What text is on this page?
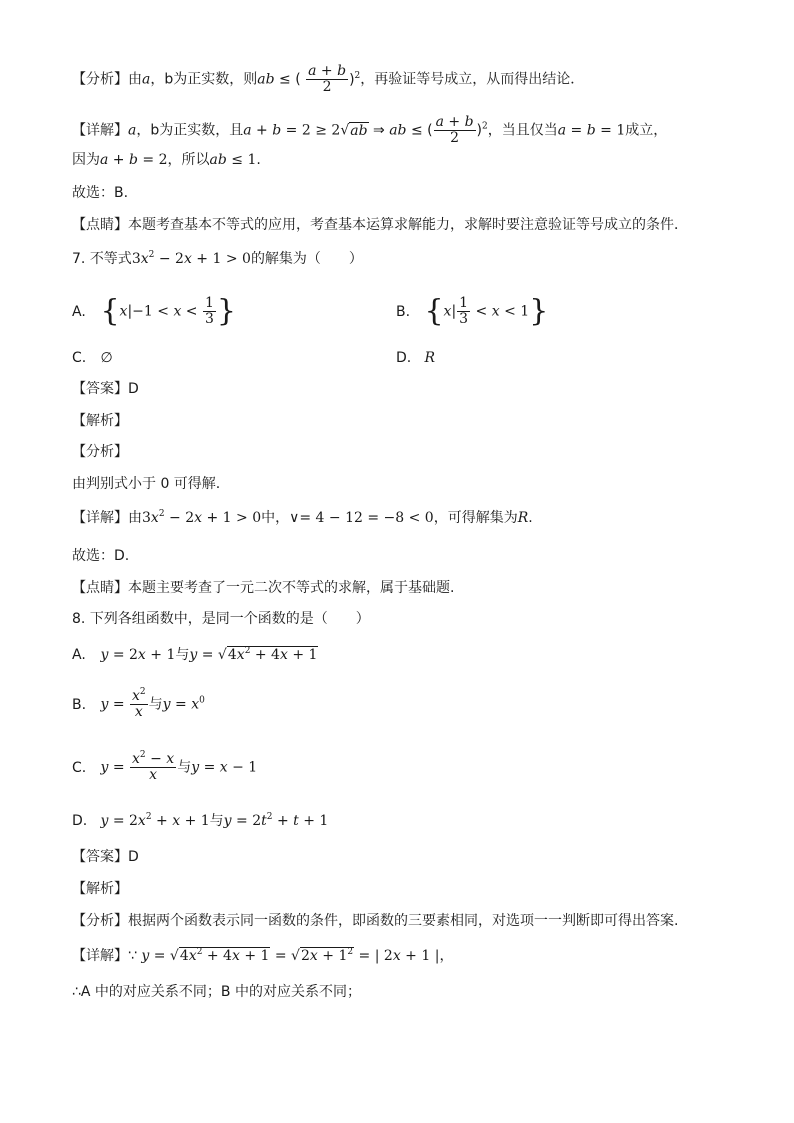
【分析】由a，b为正实数，则ab ≤ ( $\frac{a + b}{2} )^2$，再验证等号成立，从而得出结论．
【详解】a，b为正实数，且a + b = 2 ≥ 2√ab ⇒ ab ≤ ( $\frac{a + b}{2} )^2$，当且仅当a = b = 1成立，
因为a + b = 2，所以ab ≤ 1.
故选：B.
【点睛】本题考查基本不等式的应用，考查基本运算求解能力，求解时要注意验证等号成立的条件．
7. 不等式$3x^2 - 2x + 1 > 0$的解集为（　　）
A. {$x|-1 < x < \frac{1}{3}$ }	B. $\{x| \frac{1}{3} < x < 1\}$
C. ∅	D. R
【答案】D
【解析】
【分析】
由判别式小于 0 可得解.
【详解】由$3x^2 - 2x + 1 > 0$中，∨= 4 − 12 = −8 < 0，可得解集为R.
故选：D.
【点睛】本题主要考查了一元二次不等式的求解，属于基础题.
8. 下列各组函数中，是同一个函数的是（　　）
A. y = 2x + 1与$y = √4x^2 + 4x + 1$
B. $y = \frac{x^2}{x}$ 与$y = x^0$
C. $y = \frac{x^2 - x}{x}$ 与y = x − 1
D. $y = 2x^2 + x + 1$与$y = 2t^2 + t + 1$
【答案】D
【解析】
【分析】根据两个函数表示同一函数的条件，即函数的三要素相同，对选项一一判断即可得出答案.
【详解】∵ $y = √4x^2 + 4x + 1 = √2x + 1^2$ = | 2x + 1 |，
∴A 中的对应关系不同；B 中的对应关系不同；
